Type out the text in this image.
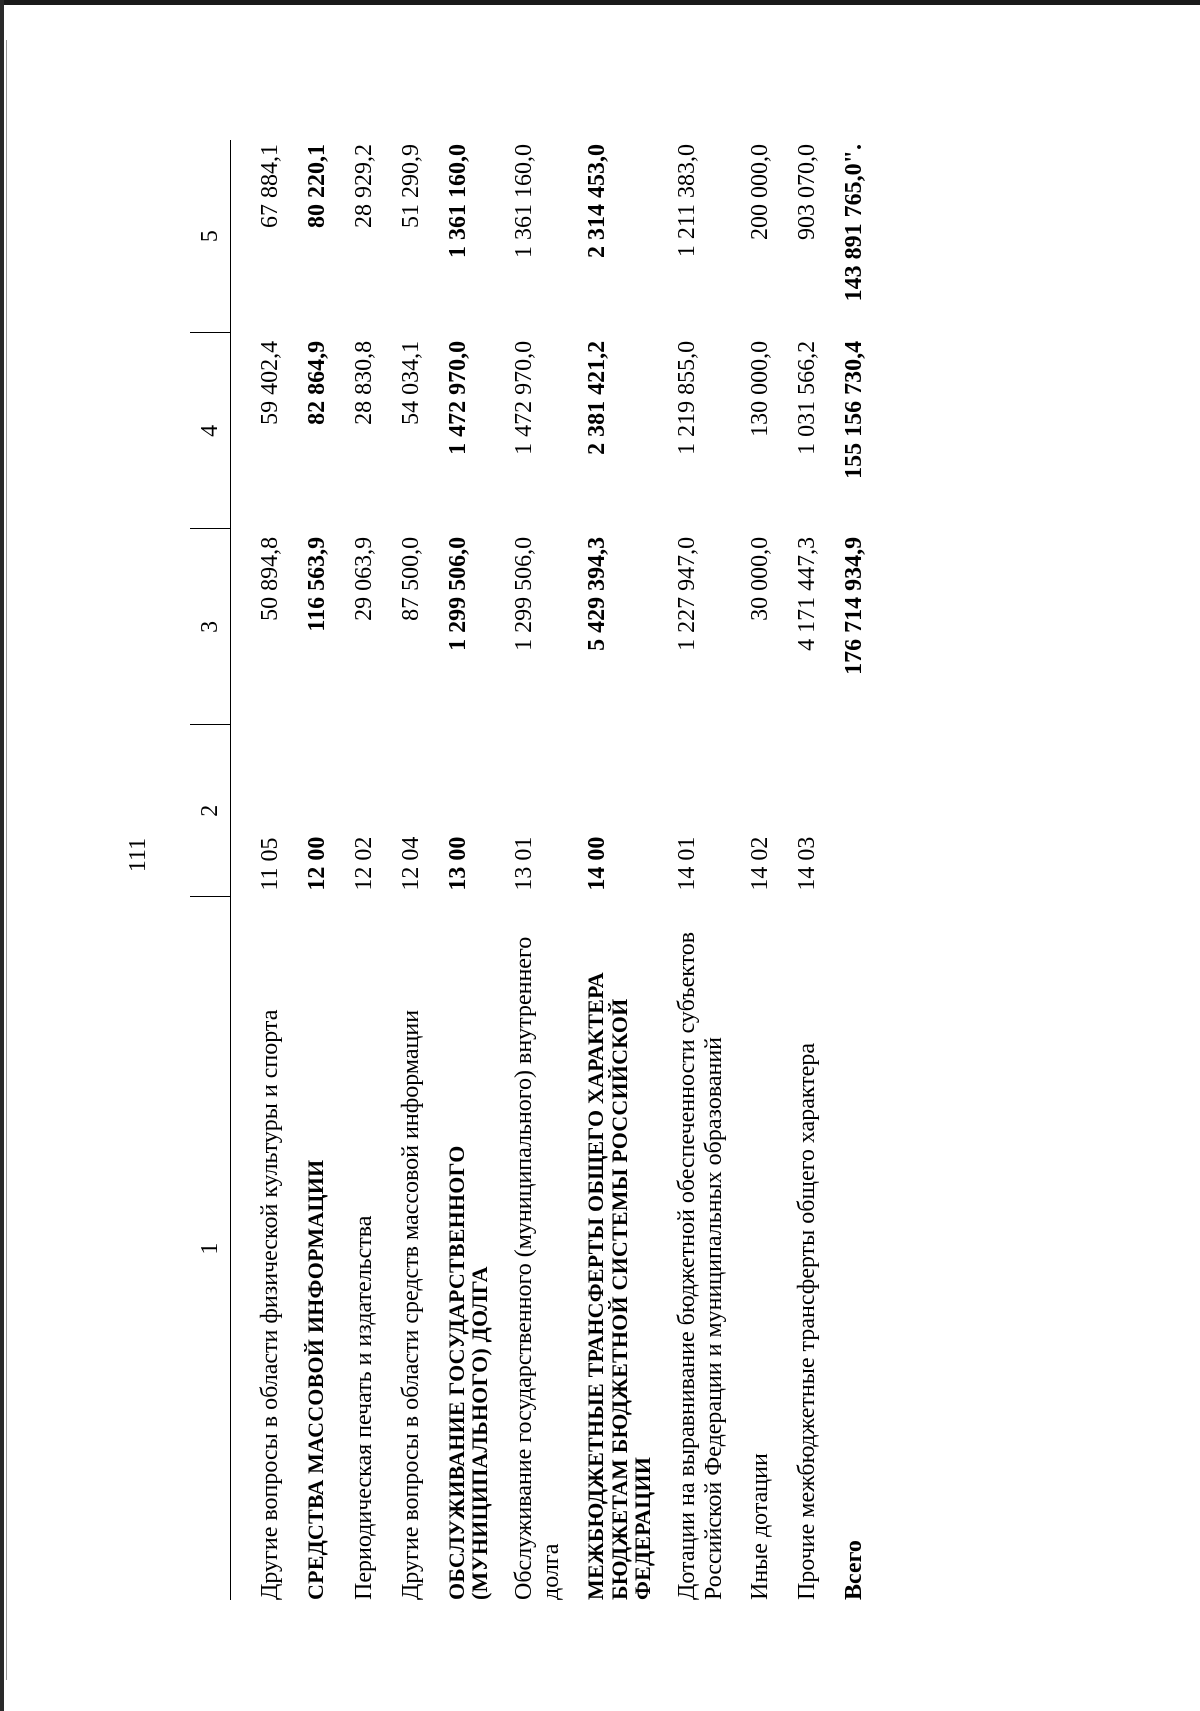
111
1	2	3	4	5
Другие вопросы в области физической культуры и спорта	11 05	50 894,8	59 402,4	67 884,1
СРЕДСТВА МАССОВОЙ ИНФОРМАЦИИ	12 00	116 563,9	82 864,9	80 220,1
Периодическая печать и издательства	12 02	29 063,9	28 830,8	28 929,2
Другие вопросы в области средств массовой информации	12 04	87 500,0	54 034,1	51 290,9
ОБСЛУЖИВАНИЕ ГОСУДАРСТВЕННОГО (МУНИЦИПАЛЬНОГО) ДОЛГА	13 00	1 299 506,0	1 472 970,0	1 361 160,0
Обслуживание государственного (муниципального) внутреннего долга	13 01	1 299 506,0	1 472 970,0	1 361 160,0
МЕЖБЮДЖЕТНЫЕ ТРАНСФЕРТЫ ОБЩЕГО ХАРАКТЕРА БЮДЖЕТАМ БЮДЖЕТНОЙ СИСТЕМЫ РОССИЙСКОЙ ФЕДЕРАЦИИ	14 00	5 429 394,3	2 381 421,2	2 314 453,0
Дотации на выравнивание бюджетной обеспеченности субъектов Российской Федерации и муниципальных образований	14 01	1 227 947,0	1 219 855,0	1 211 383,0
Иные дотации	14 02	30 000,0	130 000,0	200 000,0
Прочие межбюджетные трансферты общего характера	14 03	4 171 447,3	1 031 566,2	903 070,0
Всего		176 714 934,9	155 156 730,4	143 891 765,0".
